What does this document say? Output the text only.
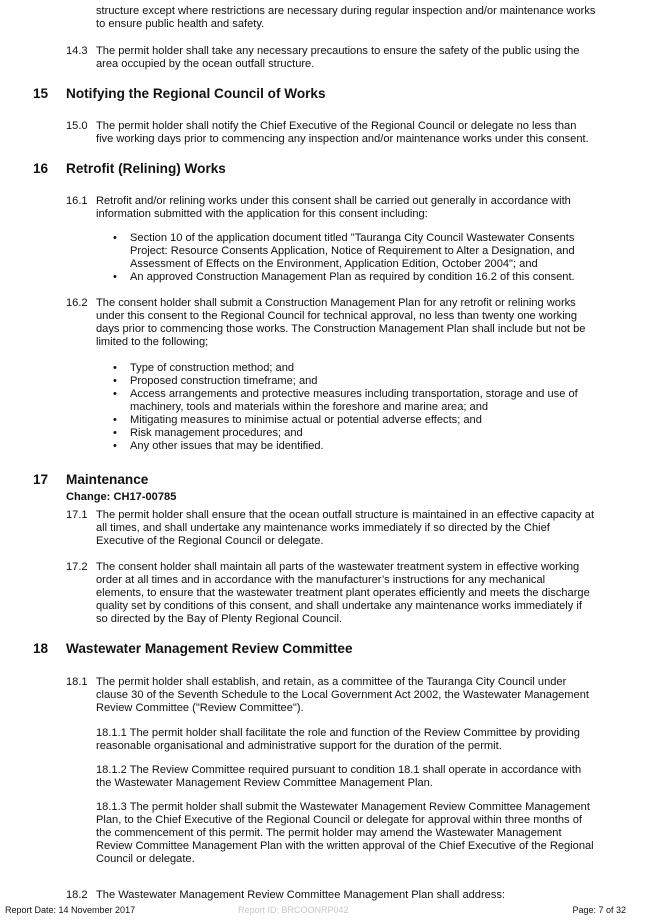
structure except where restrictions are necessary during regular inspection and/or maintenance works
to ensure public health and safety.
14.3 The permit holder shall take any necessary precautions to ensure the safety of the public using the
area occupied by the ocean outfall structure.
15 Notifying the Regional Council of Works
15.0 The permit holder shall notify the Chief Executive of the Regional Council or delegate no less than
five working days prior to commencing any inspection and/or maintenance works under this consent.
16 Retrofit (Relining) Works
16.1 Retrofit and/or relining works under this consent shall be carried out generally in accordance with
information submitted with the application for this consent including:
• Section 10 of the application document titled "Tauranga City Council Wastewater Consents
Project: Resource Consents Application, Notice of Requirement to Alter a Designation, and
Assessment of Effects on the Environment, Application Edition, October 2004"; and
• An approved Construction Management Plan as required by condition 16.2 of this consent.
16.2 The consent holder shall submit a Construction Management Plan for any retrofit or relining works
under this consent to the Regional Council for technical approval, no less than twenty one working
days prior to commencing those works. The Construction Management Plan shall include but not be
limited to the following;
• Type of construction method; and
• Proposed construction timeframe; and
• Access arrangements and protective measures including transportation, storage and use of
machinery, tools and materials within the foreshore and marine area; and
• Mitigating measures to minimise actual or potential adverse effects; and
• Risk management procedures; and
• Any other issues that may be identified.
17 Maintenance
Change: CH17-00785
17.1 The permit holder shall ensure that the ocean outfall structure is maintained in an effective capacity at
all times, and shall undertake any maintenance works immediately if so directed by the Chief
Executive of the Regional Council or delegate.
17.2 The consent holder shall maintain all parts of the wastewater treatment system in effective working
order at all times and in accordance with the manufacturer’s instructions for any mechanical
elements, to ensure that the wastewater treatment plant operates efficiently and meets the discharge
quality set by conditions of this consent, and shall undertake any maintenance works immediately if
so directed by the Bay of Plenty Regional Council.
18 Wastewater Management Review Committee
18.1 The permit holder shall establish, and retain, as a committee of the Tauranga City Council under
clause 30 of the Seventh Schedule to the Local Government Act 2002, the Wastewater Management
Review Committee ("Review Committee").
18.1.1 The permit holder shall facilitate the role and function of the Review Committee by providing
reasonable organisational and administrative support for the duration of the permit.
18.1.2 The Review Committee required pursuant to condition 18.1 shall operate in accordance with
the Wastewater Management Review Committee Management Plan.
18.1.3 The permit holder shall submit the Wastewater Management Review Committee Management
Plan, to the Chief Executive of the Regional Council or delegate for approval within three months of
the commencement of this permit. The permit holder may amend the Wastewater Management
Review Committee Management Plan with the written approval of the Chief Executive of the Regional
Council or delegate.
18.2 The Wastewater Management Review Committee Management Plan shall address:
Report Date: 14 November 2017	Report ID: BRCOONRP042	Page: 7 of 32
